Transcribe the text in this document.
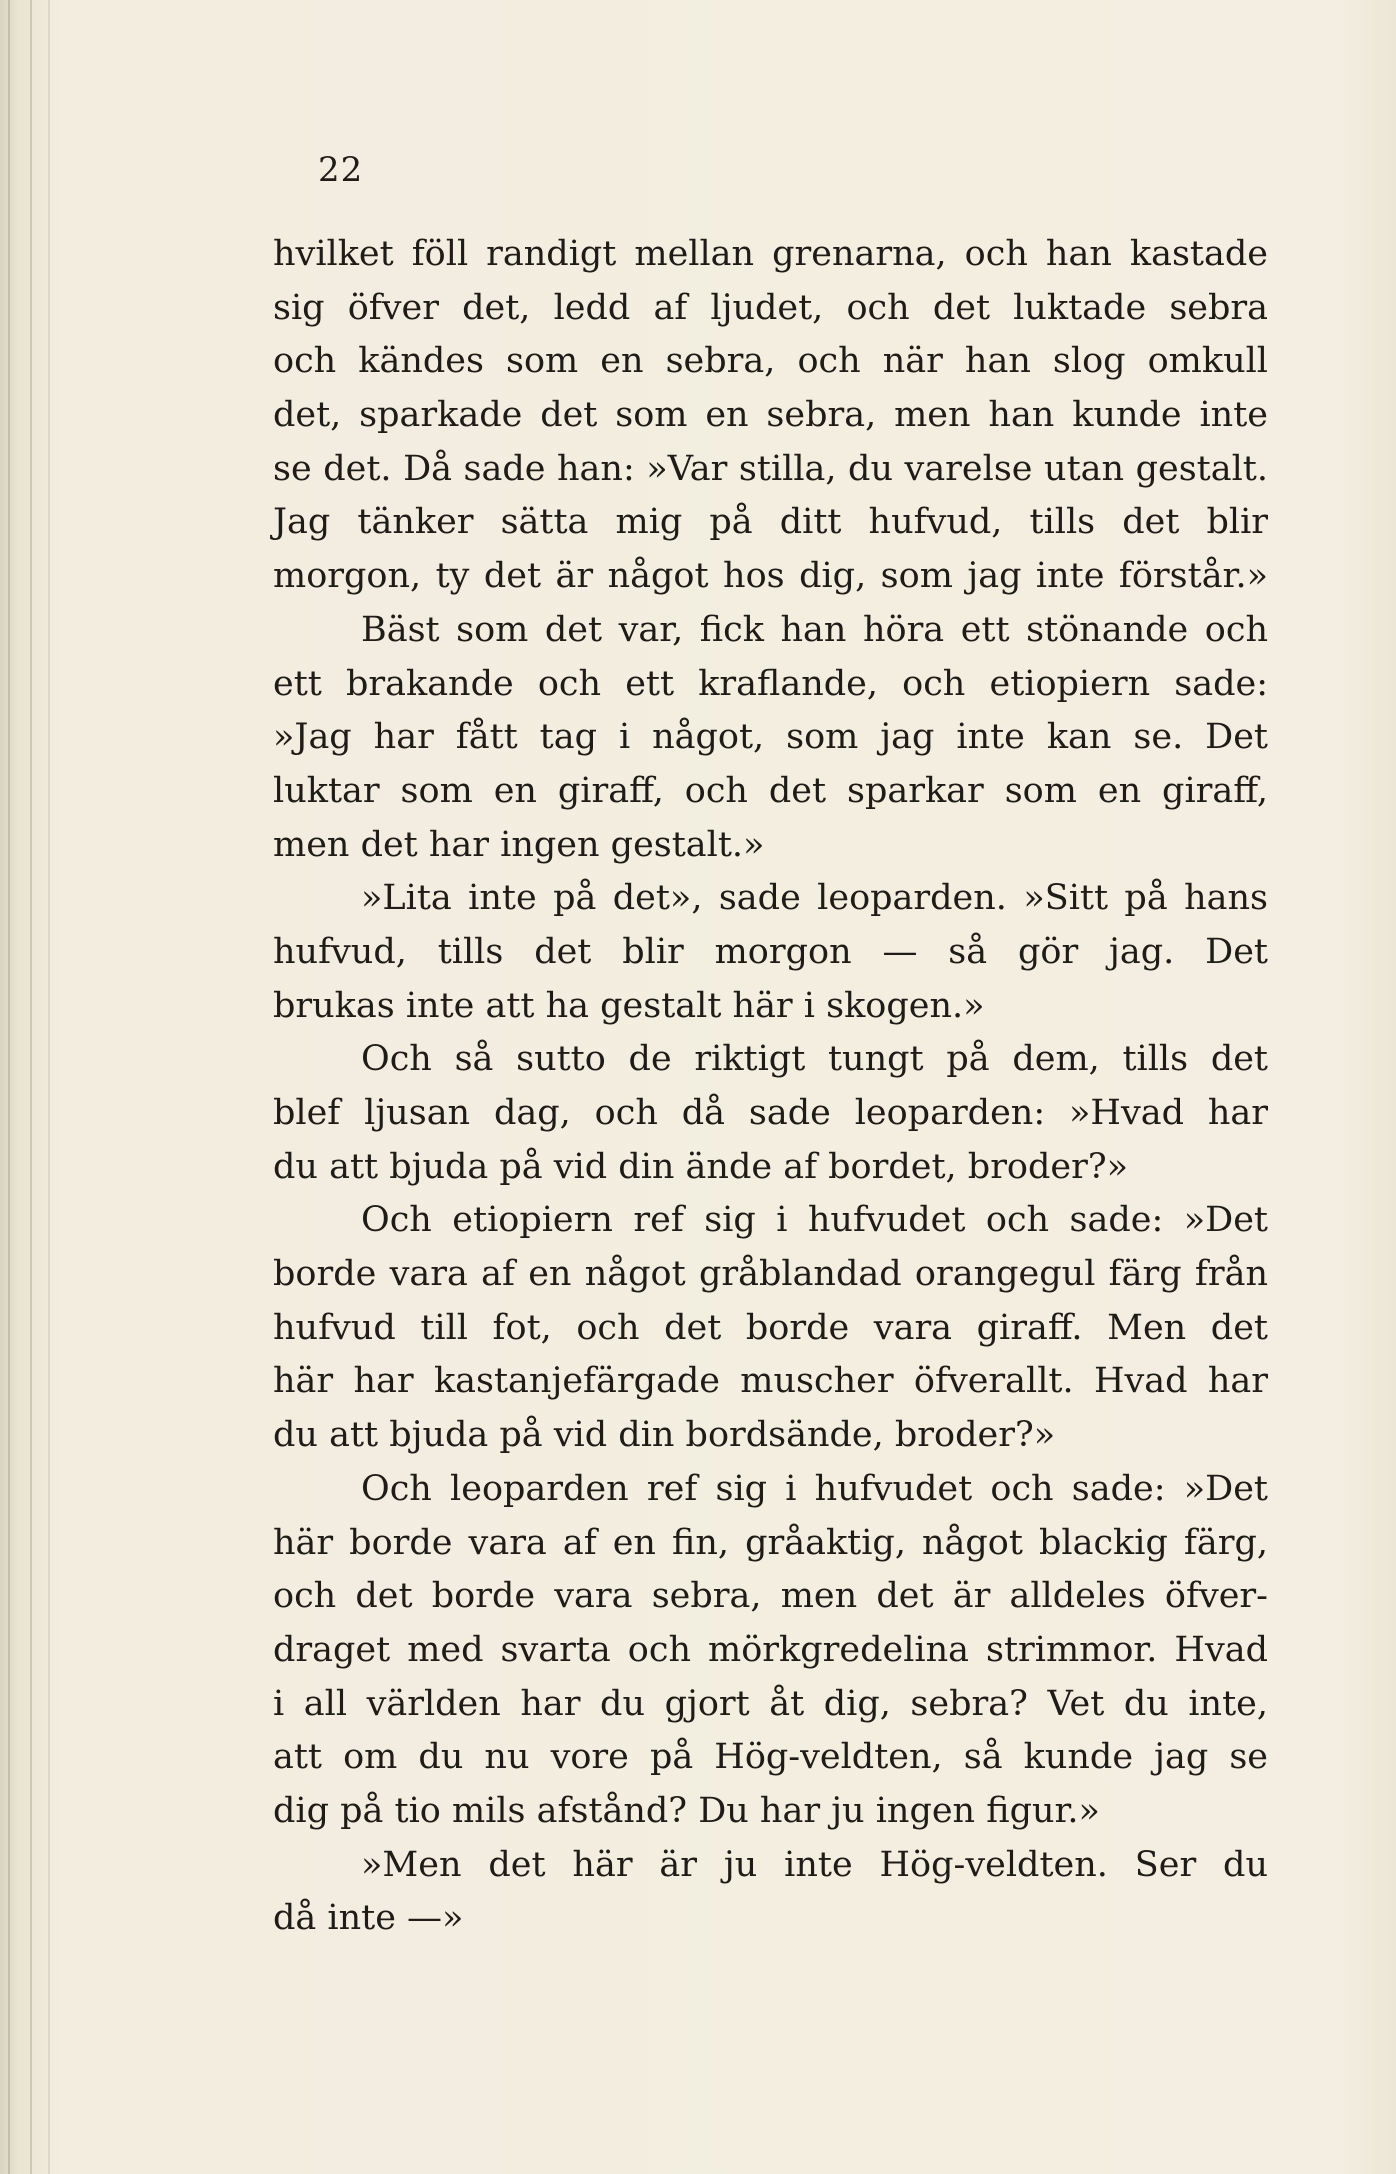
22
hvilket föll randigt mellan grenarna, och han kastade
sig öfver det, ledd af ljudet, och det luktade sebra
och kändes som en sebra, och när han slog omkull
det, sparkade det som en sebra, men han kunde inte
se det. Då sade han: »Var stilla, du varelse utan gestalt.
Jag tänker sätta mig på ditt hufvud, tills det blir
morgon, ty det är något hos dig, som jag inte förstår.»
Bäst som det var, fick han höra ett stönande och
ett brakande och ett kraflande, och etiopiern sade:
»Jag har fått tag i något, som jag inte kan se. Det
luktar som en giraff, och det sparkar som en giraff,
men det har ingen gestalt.»
»Lita inte på det», sade leoparden. »Sitt på hans
hufvud, tills det blir morgon — så gör jag. Det
brukas inte att ha gestalt här i skogen.»
Och så sutto de riktigt tungt på dem, tills det
blef ljusan dag, och då sade leoparden: »Hvad har
du att bjuda på vid din ände af bordet, broder?»
Och etiopiern ref sig i hufvudet och sade: »Det
borde vara af en något gråblandad orangegul färg från
hufvud till fot, och det borde vara giraff. Men det
här har kastanjefärgade muscher öfverallt. Hvad har
du att bjuda på vid din bordsände, broder?»
Och leoparden ref sig i hufvudet och sade: »Det
här borde vara af en fin, gråaktig, något blackig färg,
och det borde vara sebra, men det är alldeles öfver-
draget med svarta och mörkgredelina strimmor. Hvad
i all världen har du gjort åt dig, sebra? Vet du inte,
att om du nu vore på Hög-veldten, så kunde jag se
dig på tio mils afstånd? Du har ju ingen figur.»
»Men det här är ju inte Hög-veldten. Ser du
då inte —»
